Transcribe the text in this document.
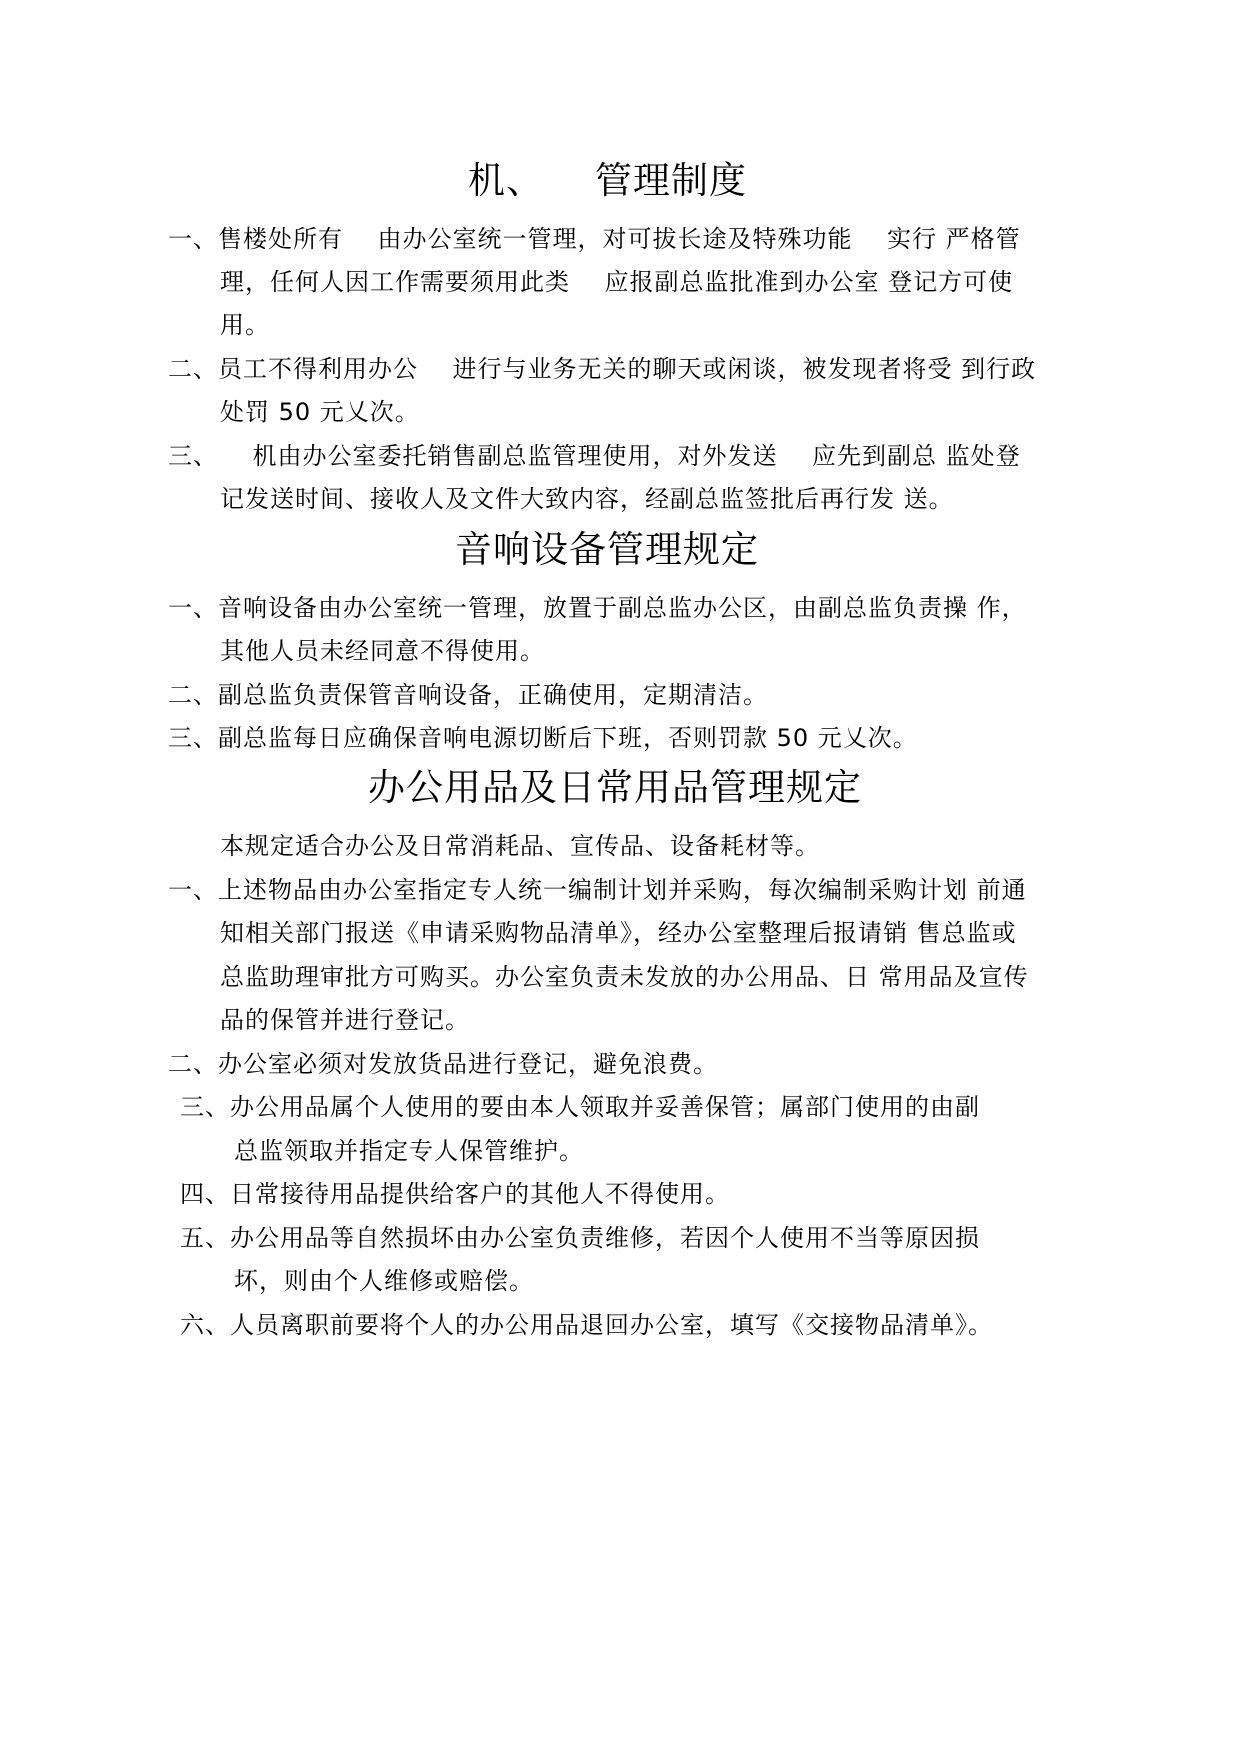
机、    管理制度
一、售楼处所有    由办公室统一管理，对可拔长途及特殊功能    实行 严格管
理，任何人因工作需要须用此类    应报副总监批准到办公室 登记方可使
用。
二、员工不得利用办公    进行与业务无关的聊天或闲谈，被发现者将受 到行政
处罚 50 元乂次。
三、    机由办公室委托销售副总监管理使用，对外发送    应先到副总 监处登
记发送时间、接收人及文件大致内容，经副总监签批后再行发 送。
音响设备管理规定
一、音响设备由办公室统一管理，放置于副总监办公区，由副总监负责操 作，
其他人员未经同意不得使用。
二、副总监负责保管音响设备，正确使用，定期清洁。
三、副总监每日应确保音响电源切断后下班，否则罚款 50 元乂次。
办公用品及日常用品管理规定
本规定适合办公及日常消耗品、宣传品、设备耗材等。
一、上述物品由办公室指定专人统一编制计划并采购，每次编制采购计划 前通
知相关部门报送《申请采购物品清单》，经办公室整理后报请销 售总监或
总监助理审批方可购买。办公室负责未发放的办公用品、日 常用品及宣传
品的保管并进行登记。
二、办公室必须对发放货品进行登记，避免浪费。
三、办公用品属个人使用的要由本人领取并妥善保管；属部门使用的由副
总监领取并指定专人保管维护。
四、日常接待用品提供给客户的其他人不得使用。
五、办公用品等自然损坏由办公室负责维修，若因个人使用不当等原因损
坏，则由个人维修或赔偿。
六、人员离职前要将个人的办公用品退回办公室，填写《交接物品清单》。
